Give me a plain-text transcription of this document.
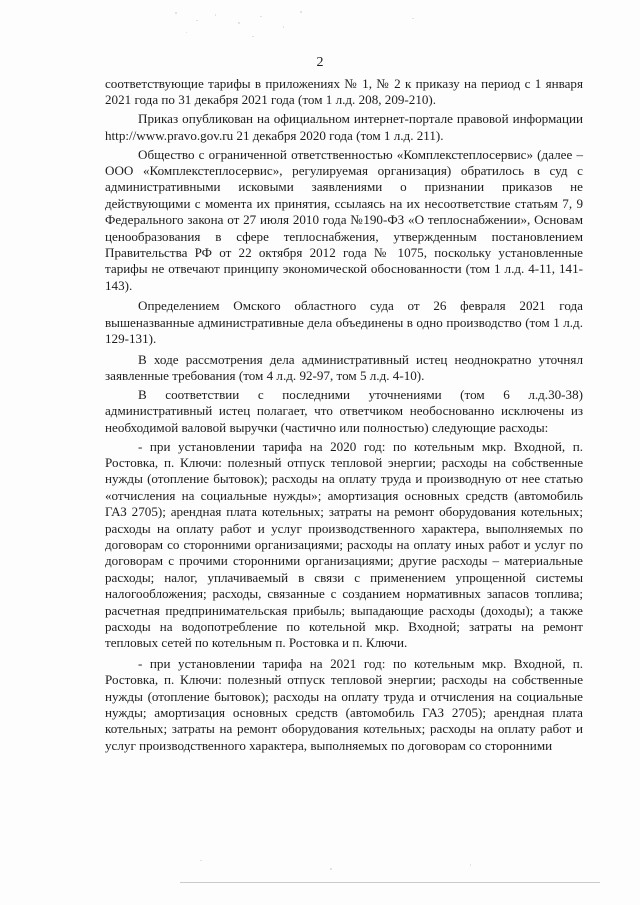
2

соответствующие тарифы в приложениях № 1, № 2 к приказу на период с 1 января 2021 года по 31 декабря 2021 года (том 1 л.д. 208, 209-210).

Приказ опубликован на официальном интернет-портале правовой информации http://www.pravo.gov.ru 21 декабря 2020 года (том 1 л.д. 211).

Общество с ограниченной ответственностью «Комплекстеплосервис» (далее – ООО «Комплекстеплосервис», регулируемая организация) обратилось в суд с административными исковыми заявлениями о признании приказов не действующими с момента их принятия, ссылаясь на их несоответствие статьям 7, 9 Федерального закона от 27 июля 2010 года №190-ФЗ «О теплоснабжении», Основам ценообразования в сфере теплоснабжения, утвержденным постановлением Правительства РФ от 22 октября 2012 года № 1075, поскольку установленные тарифы не отвечают принципу экономической обоснованности (том 1 л.д. 4-11, 141-143).

Определением Омского областного суда от 26 февраля 2021 года вышеназванные административные дела объединены в одно производство (том 1 л.д. 129-131).

В ходе рассмотрения дела административный истец неоднократно уточнял заявленные требования (том 4 л.д. 92-97, том 5 л.д. 4-10).

В соответствии с последними уточнениями (том 6 л.д.30-38) административный истец полагает, что ответчиком необоснованно исключены из необходимой валовой выручки (частично или полностью) следующие расходы:

- при установлении тарифа на 2020 год: по котельным мкр. Входной, п. Ростовка, п. Ключи: полезный отпуск тепловой энергии; расходы на собственные нужды (отопление бытовок); расходы на оплату труда и производную от нее статью «отчисления на социальные нужды»; амортизация основных средств (автомобиль ГАЗ 2705); арендная плата котельных; затраты на ремонт оборудования котельных; расходы на оплату работ и услуг производственного характера, выполняемых по договорам со сторонними организациями; расходы на оплату иных работ и услуг по договорам с прочими сторонними организациями; другие расходы – материальные расходы; налог, уплачиваемый в связи с применением упрощенной системы налогообложения; расходы, связанные с созданием нормативных запасов топлива; расчетная предпринимательская прибыль; выпадающие расходы (доходы); а также расходы на водопотребление по котельной мкр. Входной; затраты на ремонт тепловых сетей по котельным п. Ростовка и п. Ключи.

- при установлении тарифа на 2021 год: по котельным мкр. Входной, п. Ростовка, п. Ключи: полезный отпуск тепловой энергии; расходы на собственные нужды (отопление бытовок); расходы на оплату труда и отчисления на социальные нужды; амортизация основных средств (автомобиль ГАЗ 2705); арендная плата котельных; затраты на ремонт оборудования котельных; расходы на оплату работ и услуг производственного характера, выполняемых по договорам со сторонними
